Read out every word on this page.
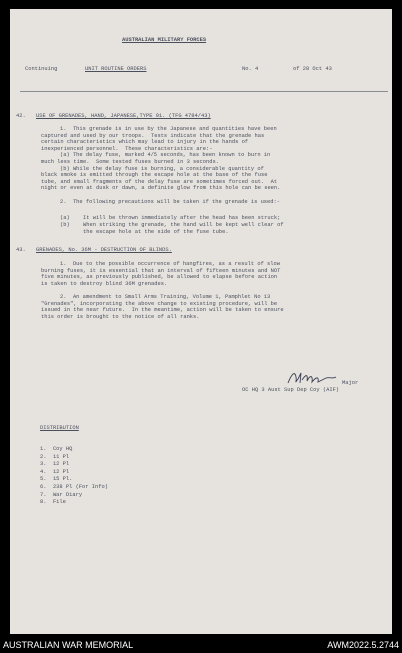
AUSTRALIAN MILITARY FORCES
Continuing	UNIT ROUTINE ORDERS	No. 4	of 28 Oct 43
42. USE OF GRENADES, HAND, JAPANESE,TYPE 91. (TFG 4784/43)
1.  This grenade is in use by the Japanese and quantities have been
captured and used by our troops.  Tests indicate that the grenade has
certain characteristics which may lead to injury in the hands of
inexperienced personnel.  These characteristics are:-
(a) The delay fuse, marked 4/5 seconds, has been known to burn in
much less time.  Some tested fuses burned in 3 seconds.
(b) While the delay fuse is burning, a considerable quantity of
black smoke is emitted through the escape hole at the base of the fuse
tube, and small fragments of the delay fuse are sometimes forced out.  At
night or even at dusk or dawn, a definite glow from this hole can be seen.
2.  The following precautions will be taken if the grenade is used:-
(a) It will be thrown immediately after the head has been struck;
(b) When striking the grenade, the hand will be kept well clear of
the escape hole at the side of the fuse tube.
43. GRENADES, No. 36M - DESTRUCTION OF BLINDS.
1.  Due to the possible occurrence of hangfires, as a result of slow
burning fuses, it is essential that an interval of fifteen minutes and NOT
five minutes, as previously published, be allowed to elapse before action
is taken to destroy blind 36M grenades.
2.  An amendment to Small Arms Training, Volume 1, Pamphlet No 13
"Grenades", incorporating the above change to existing procedure, will be
issued in the near future.  In the meantime, action will be taken to ensure
this order is brought to the notice of all ranks.
Major
OC HQ 3 Aust Sup Dep Coy (AIF)
DISTRIBUTION
1.  Coy HQ
2.  11 Pl
3.  12 Pl
4.  12 Pl
5.  15 Pl.
6.  238 Pl (For Info)
7.  War Diary
8.  File
AUSTRALIAN WAR MEMORIAL	AWM2022.5.2744
